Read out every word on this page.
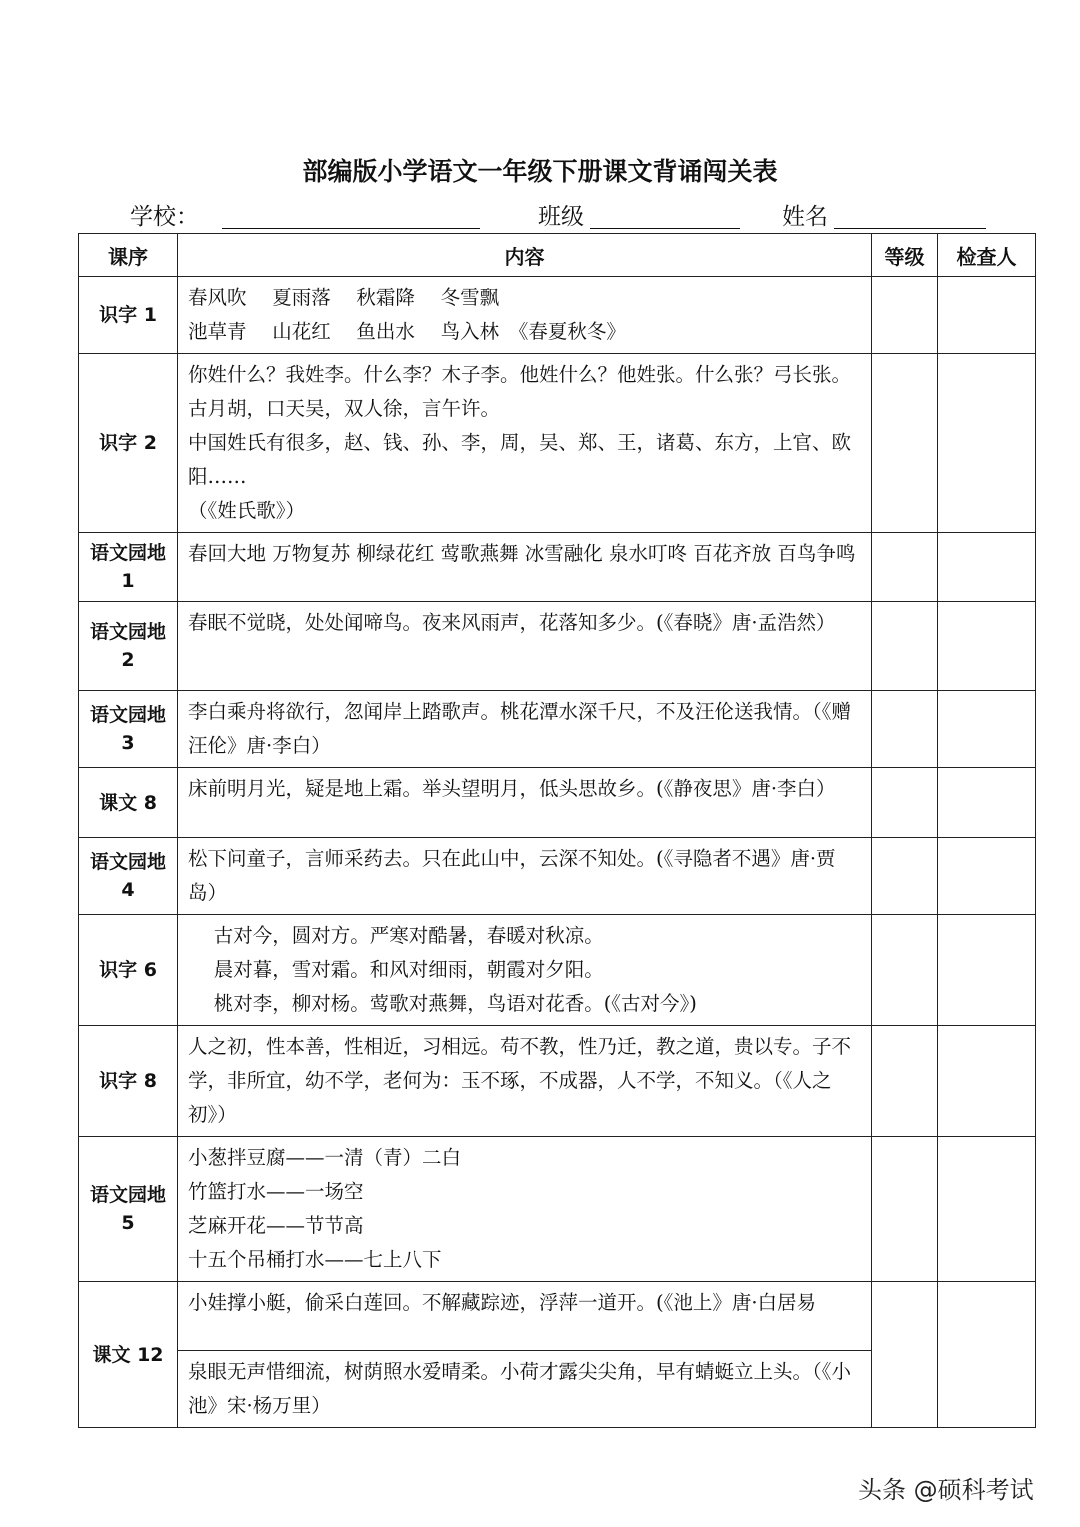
部编版小学语文一年级下册课文背诵闯关表
学校：	班级	姓名
课序	内容	等级	检查人
识字 1	春风吹　 夏雨落　 秋霜降　 冬雪飘
池草青　 山花红　 鱼出水　 鸟入林　《春夏秋冬》		
识字 2	你姓什么？我姓李。什么李？木子李。他姓什么？他姓张。什么张？弓长张。古月胡，口天吴，双人徐，言午许。
中国姓氏有很多，赵、钱、孙、李，周，吴、郑、王，诸葛、东方，上官、欧阳……
（《姓氏歌》）		
语文园地 1	春回大地 万物复苏 柳绿花红 莺歌燕舞 冰雪融化 泉水叮咚 百花齐放 百鸟争鸣		
语文园地 2	春眠不觉晓，处处闻啼鸟。夜来风雨声，花落知多少。(《春晓》唐·孟浩然）		
语文园地 3	李白乘舟将欲行，忽闻岸上踏歌声。桃花潭水深千尺，不及汪伦送我情。（《赠汪伦》唐·李白）		
课文 8	床前明月光，疑是地上霜。举头望明月，低头思故乡。(《静夜思》唐·李白）		
语文园地 4	松下问童子，言师采药去。只在此山中，云深不知处。(《寻隐者不遇》唐·贾岛）		
识字 6	　 古对今，圆对方。严寒对酷暑，春暖对秋凉。
　 晨对暮，雪对霜。和风对细雨，朝霞对夕阳。
　 桃对李，柳对杨。莺歌对燕舞，鸟语对花香。(《古对今》)		
识字 8	人之初，性本善，性相近，习相远。苟不教，性乃迁，教之道，贵以专。子不学，非所宜，幼不学，老何为：玉不琢，不成器，人不学，不知义。（《人之初》）		
语文园地 5	小葱拌豆腐——一清（青）二白
竹篮打水——一场空
芝麻开花——节节高
十五个吊桶打水——七上八下		
课文 12	小娃撑小艇，偷采白莲回。不解藏踪迹，浮萍一道开。(《池上》唐·白居易		
	泉眼无声惜细流，树荫照水爱晴柔。小荷才露尖尖角，早有蜻蜓立上头。（《小池》宋·杨万里）		
头条 @硕科考试
